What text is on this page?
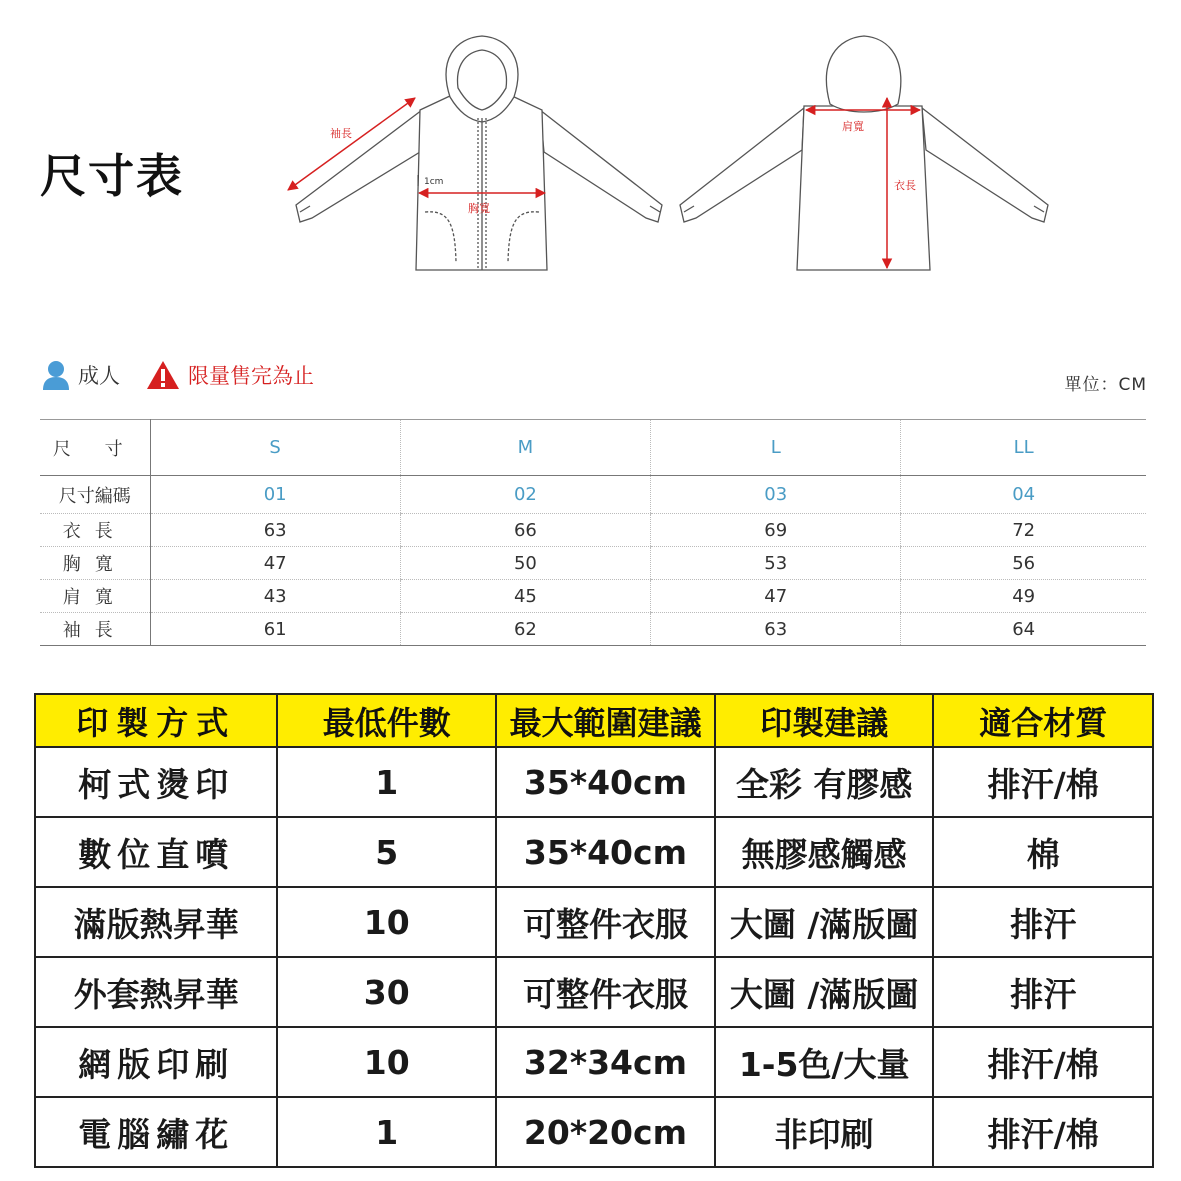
尺寸表
袖長
胸寬
1cm
肩寬
衣長
成人	限量售完為止	單位：CM
尺 寸	S	M	L	LL
尺寸編碼	01	02	03	04
衣長	63	66	69	72
胸寬	47	50	53	56
肩寬	43	45	47	49
袖長	61	62	63	64
印製方式	最低件數	最大範圍建議	印製建議	適合材質
柯式燙印	1	35*40cm	全彩 有膠感	排汗/棉
數位直噴	5	35*40cm	無膠感觸感	棉
滿版熱昇華	10	可整件衣服	大圖 /滿版圖	排汗
外套熱昇華	30	可整件衣服	大圖 /滿版圖	排汗
網版印刷	10	32*34cm	1-5色/大量	排汗/棉
電腦繡花	1	20*20cm	非印刷	排汗/棉
